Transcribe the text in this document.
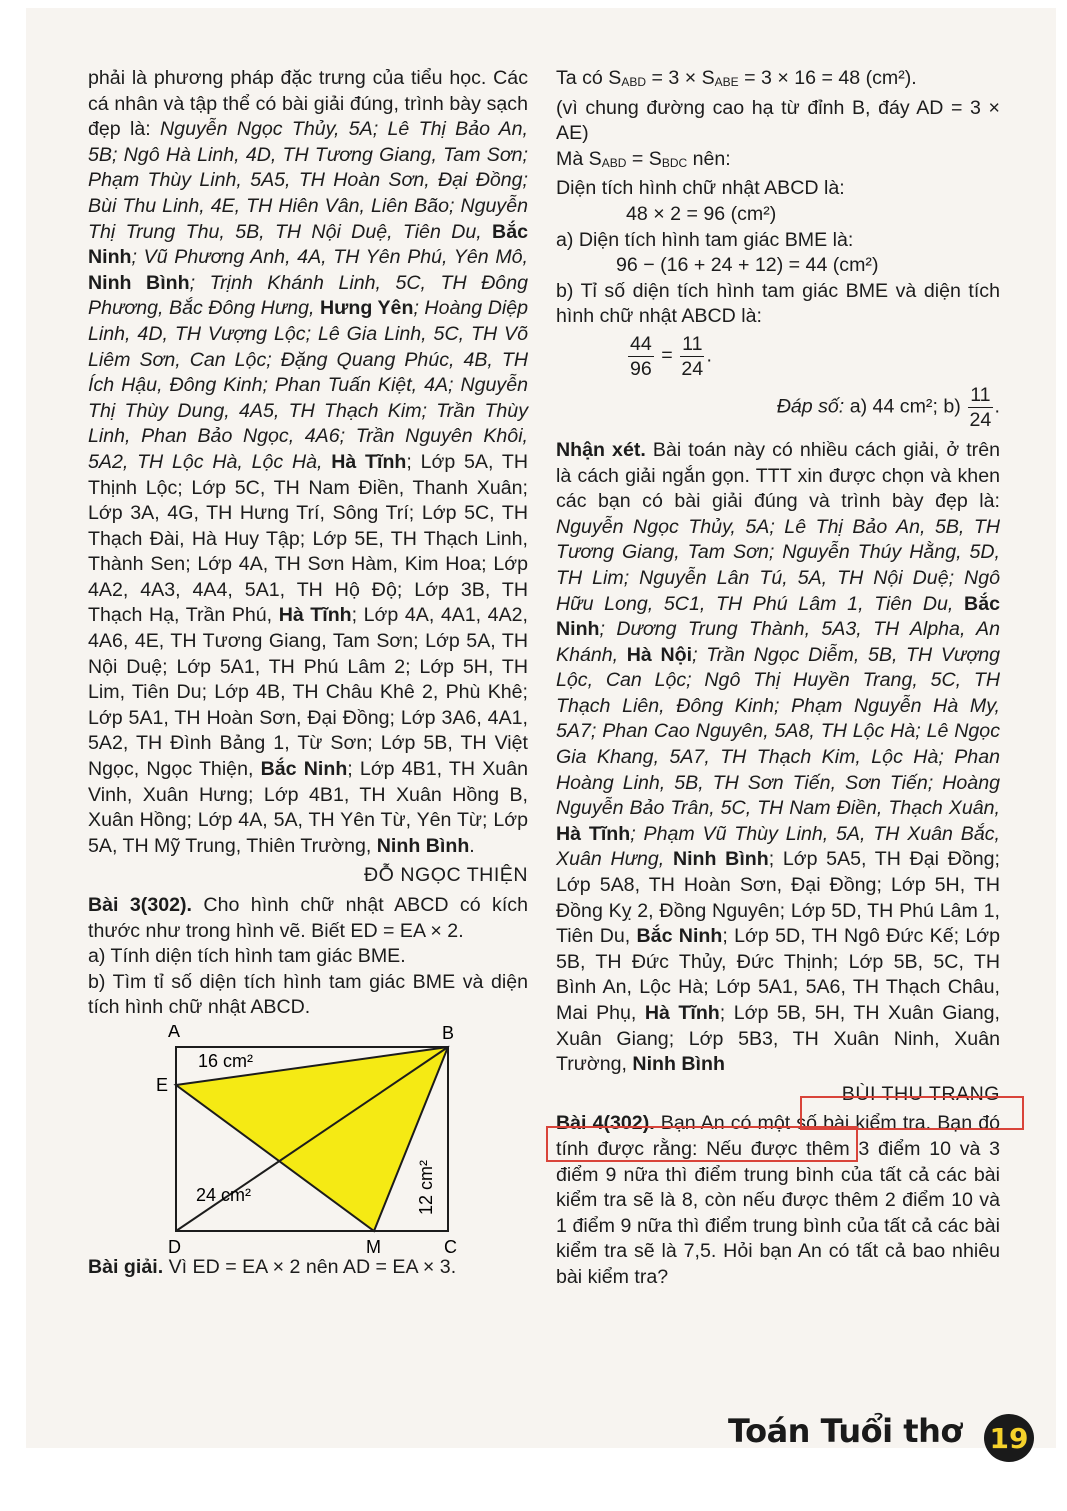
phải là phương pháp đặc trưng của tiểu học. Các cá nhân và tập thể có bài giải đúng, trình bày sạch đẹp là: Nguyễn Ngọc Thủy, 5A; Lê Thị Bảo An, 5B; Ngô Hà Linh, 4D, TH Tương Giang, Tam Sơn; Phạm Thùy Linh, 5A5, TH Hoàn Sơn, Đại Đồng; Bùi Thu Linh, 4E, TH Hiên Vân, Liên Bão; Nguyễn Thị Trung Thu, 5B, TH Nội Duệ, Tiên Du, Bắc Ninh; Vũ Phương Anh, 4A, TH Yên Phú, Yên Mô, Ninh Bình; Trịnh Khánh Linh, 5C, TH Đông Phương, Bắc Đông Hưng, Hưng Yên; Hoàng Diệp Linh, 4D, TH Vượng Lộc; Lê Gia Linh, 5C, TH Võ Liêm Sơn, Can Lộc; Đặng Quang Phúc, 4B, TH Ích Hậu, Đông Kinh; Phan Tuấn Kiệt, 4A; Nguyễn Thị Thùy Dung, 4A5, TH Thạch Kim; Trần Thùy Linh, Phan Bảo Ngọc, 4A6; Trần Nguyên Khôi, 5A2, TH Lộc Hà, Lộc Hà, Hà Tĩnh; Lớp 5A, TH Thịnh Lộc; Lớp 5C, TH Nam Điền, Thanh Xuân; Lớp 3A, 4G, TH Hưng Trí, Sông Trí; Lớp 5C, TH Thạch Đài, Hà Huy Tập; Lớp 5E, TH Thạch Linh, Thành Sen; Lớp 4A, TH Sơn Hàm, Kim Hoa; Lớp 4A2, 4A3, 4A4, 5A1, TH Hộ Độ; Lớp 3B, TH Thạch Hạ, Trần Phú, Hà Tĩnh; Lớp 4A, 4A1, 4A2, 4A6, 4E, TH Tương Giang, Tam Sơn; Lớp 5A, TH Nội Duệ; Lớp 5A1, TH Phú Lâm 2; Lớp 5H, TH Lim, Tiên Du; Lớp 4B, TH Châu Khê 2, Phù Khê; Lớp 5A1, TH Hoàn Sơn, Đại Đồng; Lớp 3A6, 4A1, 5A2, TH Đình Bảng 1, Từ Sơn; Lớp 5B, TH Việt Ngọc, Ngọc Thiện, Bắc Ninh; Lớp 4B1, TH Xuân Vinh, Xuân Hưng; Lớp 4B1, TH Xuân Hồng B, Xuân Hồng; Lớp 4A, 5A, TH Yên Từ, Yên Từ; Lớp 5A, TH Mỹ Trung, Thiên Trường, Ninh Bình.

ĐỖ NGỌC THIỆN

Bài 3(302). Cho hình chữ nhật ABCD có kích thước như trong hình vẽ. Biết ED = EA × 2.

a) Tính diện tích hình tam giác BME.

b) Tìm tỉ số diện tích hình tam giác BME và diện tích hình chữ nhật ABCD.

A	B
C
D
E
M
16 cm²
24 cm²	12 cm²

Bài giải. Vì ED = EA × 2 nên AD = EA × 3.

Ta có SABD = 3 × SABE = 3 × 16 = 48 (cm²).

(vì chung đường cao hạ từ đỉnh B, đáy AD = 3 × AE)

Mà SABD = SBDC nên:

Diện tích hình chữ nhật ABCD là:

48 × 2 = 96 (cm²)

a) Diện tích hình tam giác BME là:

96 − (16 + 24 + 12) = 44 (cm²)

b) Tỉ số diện tích hình tam giác BME và diện tích hình chữ nhật ABCD là:

$\frac{44}{96} = \frac{11}{24}$ .

Đáp số: a) 44 cm²; $b) \frac{11}{24}$ .

Nhận xét. Bài toán này có nhiều cách giải, ở trên là cách giải ngắn gọn. TTT xin được chọn và khen các bạn có bài giải đúng và trình bày đẹp là: Nguyễn Ngọc Thủy, 5A; Lê Thị Bảo An, 5B, TH Tương Giang, Tam Sơn; Nguyễn Thúy Hằng, 5D, TH Lim; Nguyễn Lân Tú, 5A, TH Nội Duệ; Ngô Hữu Long, 5C1, TH Phú Lâm 1, Tiên Du, Bắc Ninh; Dương Trung Thành, 5A3, TH Alpha, An Khánh, Hà Nội; Trần Ngọc Diễm, 5B, TH Vượng Lộc, Can Lộc; Ngô Thị Huyền Trang, 5C, TH Thạch Liên, Đông Kinh; Phạm Nguyễn Hà My, 5A7; Phan Cao Nguyên, 5A8, TH Lộc Hà; Lê Ngọc Gia Khang, 5A7, TH Thạch Kim, Lộc Hà; Phan Hoàng Linh, 5B, TH Sơn Tiến, Sơn Tiến; Hoàng Nguyễn Bảo Trân, 5C, TH Nam Điền, Thạch Xuân, Hà Tĩnh; Phạm Vũ Thùy Linh, 5A, TH Xuân Bắc, Xuân Hưng, Ninh Bình; Lớp 5A5, TH Đại Đồng; Lớp 5A8, TH Hoàn Sơn, Đại Đồng; Lớp 5H, TH Đồng Kỵ 2, Đồng Nguyên; Lớp 5D, TH Phú Lâm 1, Tiên Du, Bắc Ninh; Lớp 5D, TH Ngô Đức Kế; Lớp 5B, TH Đức Thủy, Đức Thịnh; Lớp 5B, 5C, TH Bình An, Lộc Hà; Lớp 5A1, 5A6, TH Thạch Châu, Mai Phụ, Hà Tĩnh; Lớp 5B, 5H, TH Xuân Giang, Xuân Giang; Lớp 5B3, TH Xuân Ninh, Xuân Trường, Ninh Bình

BÙI THU TRANG

Bài 4(302). Bạn An có một số bài kiểm tra. Bạn đó tính được rằng: Nếu được thêm 3 điểm 10 và 3 điểm 9 nữa thì điểm trung bình của tất cả các bài kiểm tra sẽ là 8, còn nếu được thêm 2 điểm 10 và 1 điểm 9 nữa thì điểm trung bình của tất cả các bài kiểm tra sẽ là 7,5. Hỏi bạn An có tất cả bao nhiêu bài kiểm tra?

Toán Tuổi thơ 19
